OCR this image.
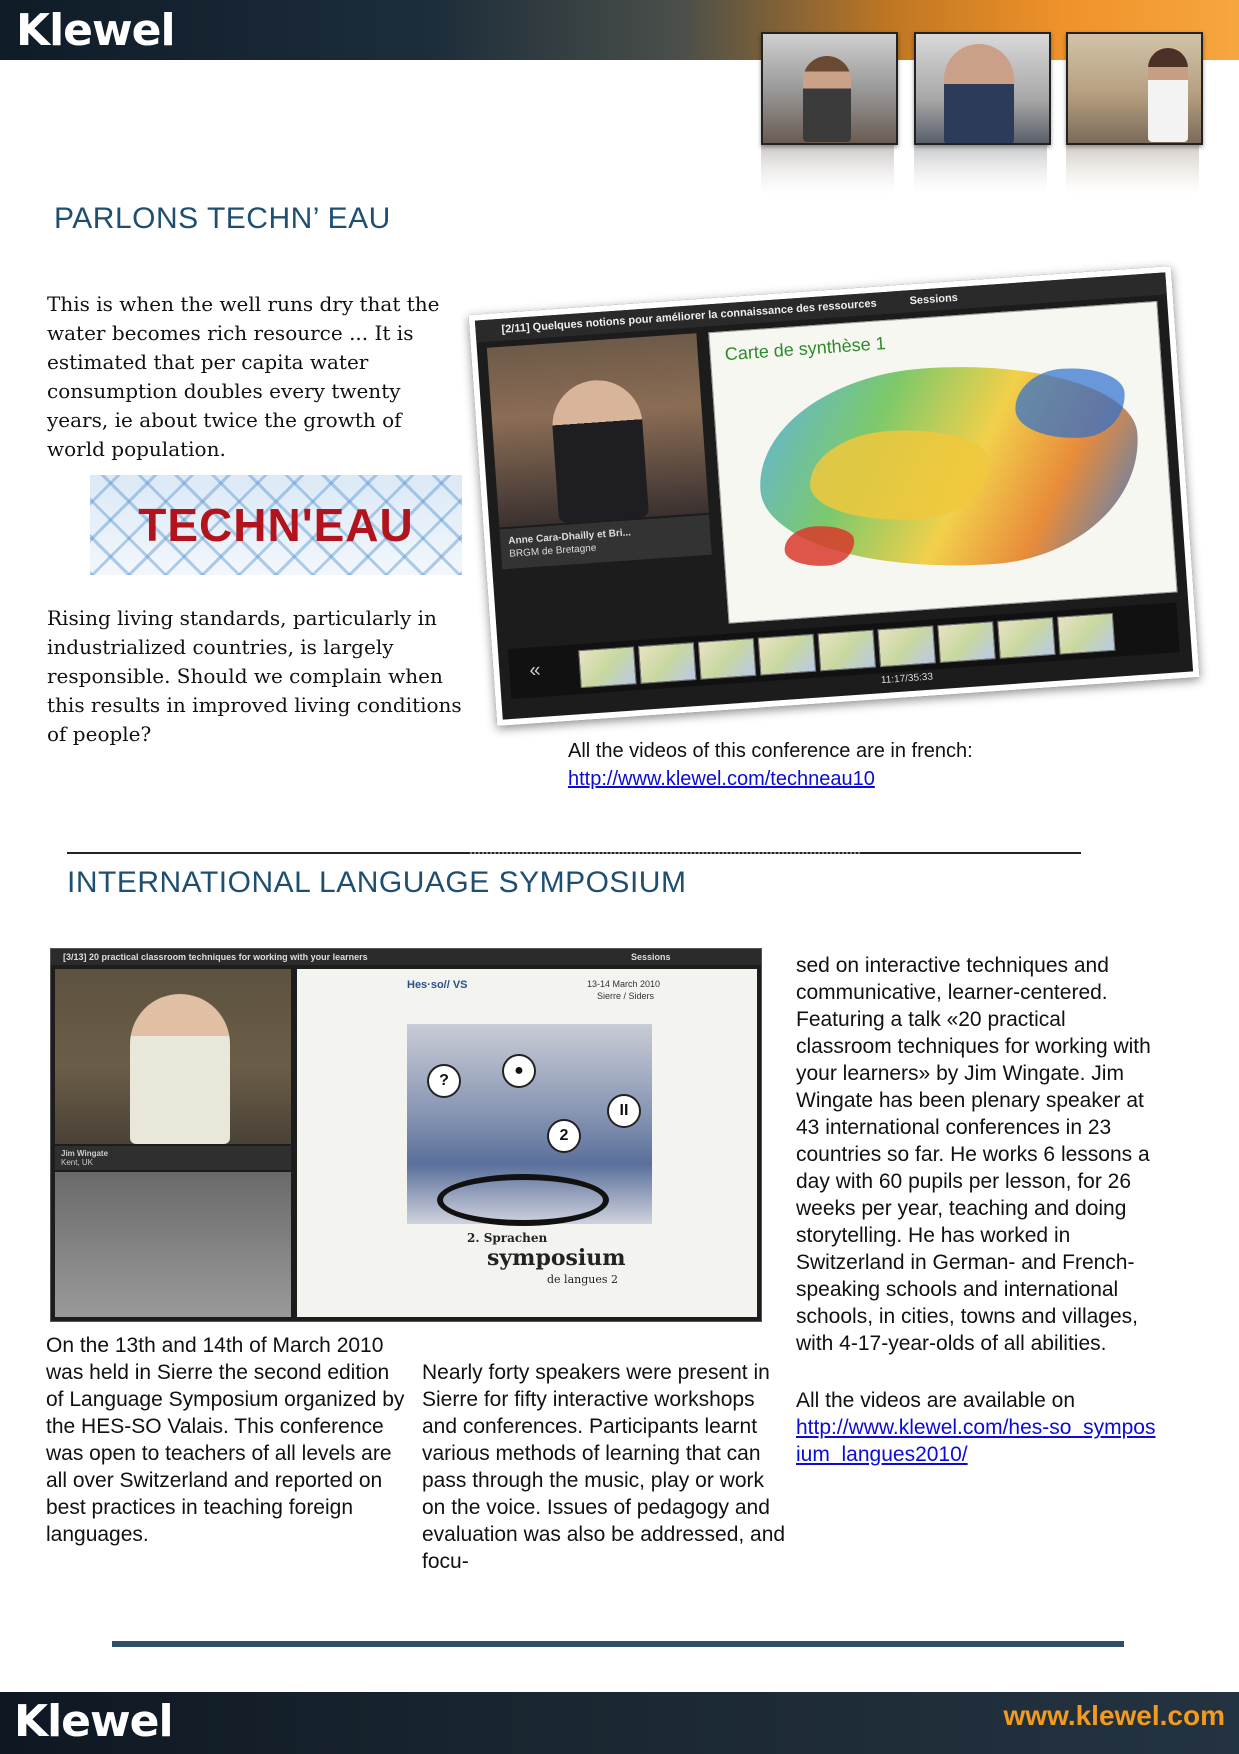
Klewel
PARLONS TECHN’ EAU

This is when the well runs dry that the water becomes rich resource ... It is estimated that per capita water consumption doubles every twenty years, ie about twice the growth of world population.

TECHN'EAU

Rising living standards, particularly in industrialized countries, is largely responsible. Should we complain when this results in improved living conditions of people?

[2/11] Quelques notions pour améliorer la connaissance des ressources	Sessions
Anne Cara-Dhailly et Bri...
BRGM de Bretagne
Carte de synthèse 1
«	11:17/35:33
All the videos of this conference are in french:
http://www.klewel.com/techneau10
INTERNATIONAL LANGUAGE SYMPOSIUM
[3/13] 20 practical classroom techniques for working with your learners	Sessions
Jim Wingate
Kent, UK
Hes·so// VS	13-14 March 2010
Sierre / Siders
?
●
2
II
2. Sprachen
symposium
de langues 2

On the 13th and 14th of March 2010 was held in Sierre the second edition of Language Symposium organized by the HES-SO Valais. This conference was open to teachers of all levels are all over Switzerland and reported on best practices in teaching foreign languages.

Nearly forty speakers were present in Sierre for fifty interactive workshops and conferences. Participants learnt various methods of learning that can pass through the music, play or work on the voice. Issues of pedagogy and evaluation was also be addressed, and focu-

sed on interactive techniques and communicative, learner-centered. Featuring a talk «20 practical classroom techniques for working with your learners» by Jim Wingate. Jim Wingate has been plenary speaker at 43 international conferences in 23 countries so far. He works 6 lessons a day with 60 pupils per lesson, for 26 weeks per year, teaching and doing storytelling. He has worked in Switzerland in German- and French-speaking schools and international schools, in cities, towns and villages, with 4-17-year-olds of all abilities.

All the videos are available on
http://www.klewel.com/hes-so_symposium_langues2010/
Klewel	www.klewel.com
